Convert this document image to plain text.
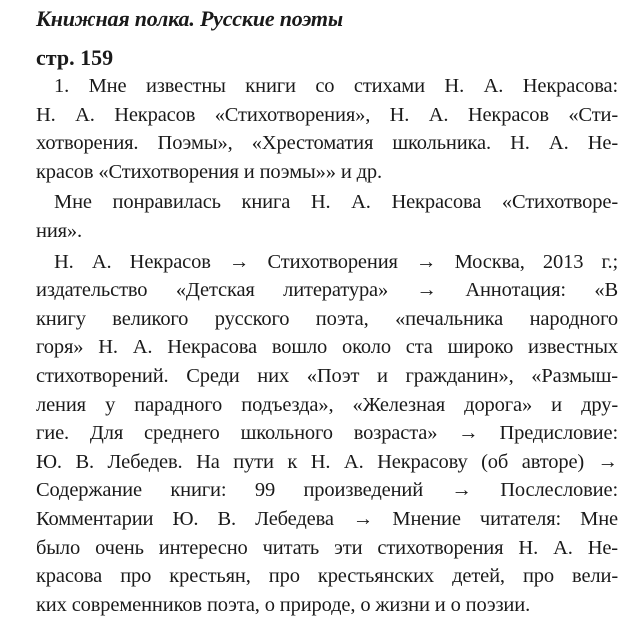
Книжная полка. Русские поэты
стр. 159
1. Мне известны книги со стихами Н. А. Некрасова:
Н. А. Некрасов «Стихотворения», Н. А. Некрасов «Сти-
хотворения. Поэмы», «Хрестоматия школьника. Н. А. Не-
красов «Стихотворения и поэмы»» и др.
Мне понравилась книга Н. А. Некрасова «Стихотворе-
ния».
Н. А. Некрасов → Стихотворения → Москва, 2013 г.;
издательство «Детская литература» → Аннотация: «В
книгу великого русского поэта, «печальника народного
горя» Н. А. Некрасова вошло около ста широко известных
стихотворений. Среди них «Поэт и гражданин», «Размыш-
ления у парадного подъезда», «Железная дорога» и дру-
гие. Для среднего школьного возраста» → Предисловие:
Ю. В. Лебедев. На пути к Н. А. Некрасову (об авторе) →
Содержание книги: 99 произведений → Послесловие:
Комментарии Ю. В. Лебедева → Мнение читателя: Мне
было очень интересно читать эти стихотворения Н. А. Не-
красова про крестьян, про крестьянских детей, про вели-
ких современников поэта, о природе, о жизни и о поэзии.
